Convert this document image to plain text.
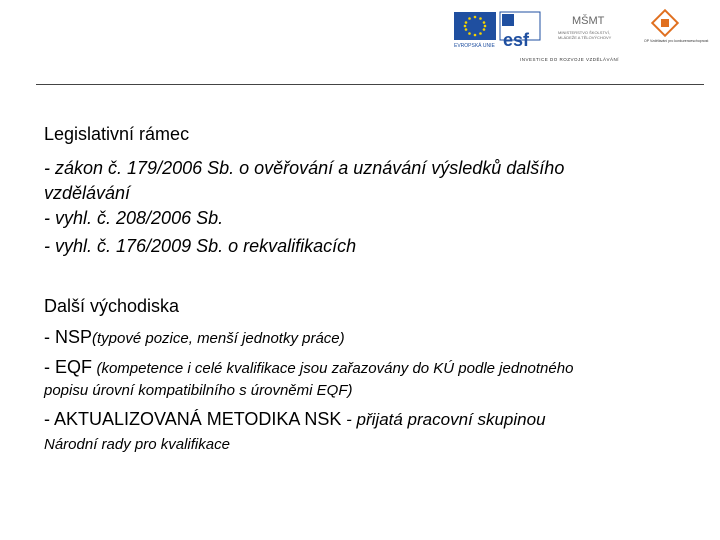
EVROPSKÁ UNIE esf
MŠMT
MINISTERSTVO ŠKOLSTVÍ,
MLÁDEŽE A TĚLOVÝCHOVY
OP Vzdělávání pro konkurenceschopnost
INVESTICE DO ROZVOJE VZDĚLÁVÁNÍ
Legislativní rámec
- zákon č. 179/2006 Sb. o ověřování a uznávání výsledků dalšího
vzdělávání
- vyhl. č. 208/2006 Sb.
- vyhl. č. 176/2009 Sb. o rekvalifikacích
Další východiska
- NSP(typové pozice, menší jednotky práce)
- EQF (kompetence i celé kvalifikace jsou zařazovány do KÚ podle jednotného
popisu úrovní kompatibilního s úrovněmi EQF)
- AKTUALIZOVANÁ METODIKA NSK - přijatá pracovní skupinou
Národní rady pro kvalifikace
